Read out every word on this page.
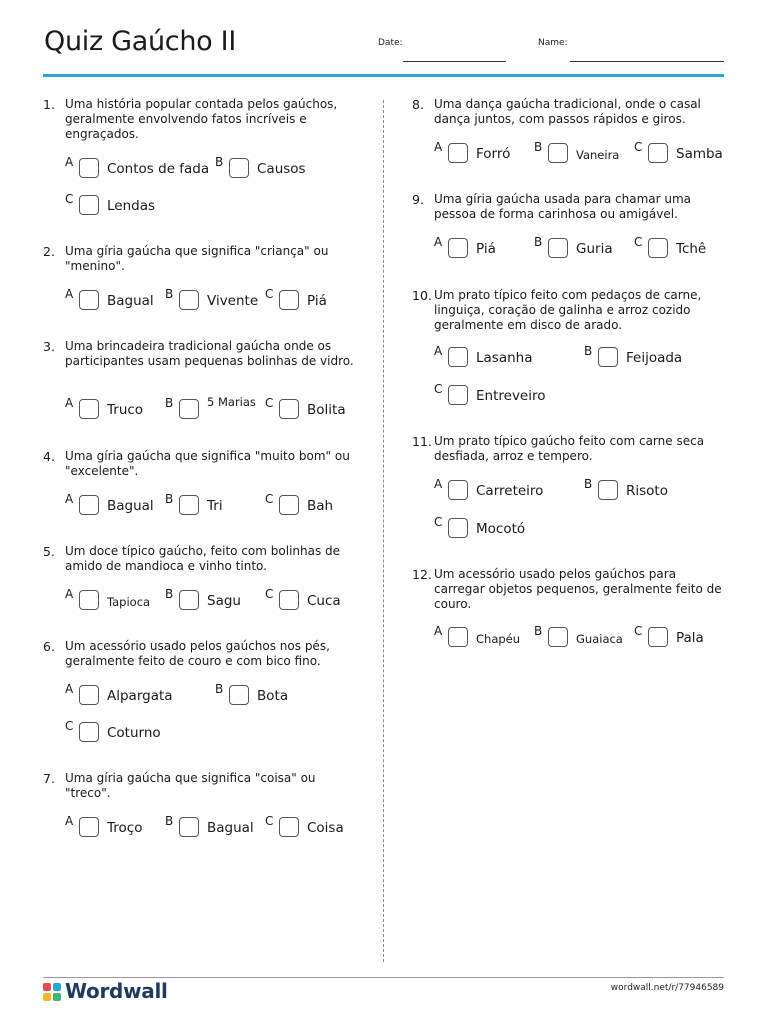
Quiz Gaúcho II	Date:	Name:
1. Uma história popular contada pelos gaúchos, geralmente envolvendo fatos incríveis e engraçados.
A	Contos de fada B	Causos
C Lendas
2. Uma gíria gaúcha que significa "criança" ou "menino".
A	Bagual B	Vivente C Piá
3. Uma brincadeira tradicional gaúcha onde os participantes usam pequenas bolinhas de vidro.
A	Truco B	5 Marias C Bolita
4. Uma gíria gaúcha que significa "muito bom" ou "excelente".
A	Bagual B	Tri	C Bah
5. Um doce típico gaúcho, feito com bolinhas de amido de mandioca e vinho tinto.
A
Tapioca
B	Sagu C Cuca
6. Um acessório usado pelos gaúchos nos pés, geralmente feito de couro e com bico fino.
A	Alpargata	B	Bota
C Coturno
7. Uma gíria gaúcha que significa "coisa" ou "treco".
A	Troço B	Bagual C Coisa
8. Uma dança gaúcha tradicional, onde o casal dança juntos, com passos rápidos e giros.
A	Forró B
Vaneira
C Samba
9. Uma gíria gaúcha usada para chamar uma pessoa de forma carinhosa ou amigável.
A	Piá	B	Guria C Tchê
10. Um prato típico feito com pedaços de carne, linguiça, coração de galinha e arroz cozido geralmente em disco de arado.
A	Lasanha	B	Feijoada
C Entreveiro
11. Um prato típico gaúcho feito com carne seca desfiada, arroz e tempero.
A	Carreteiro	B	Risoto
C Mocotó
12. Um acessório usado pelos gaúchos para carregar objetos pequenos, geralmente feito de couro.
A
Chapéu
B
Guaiaca
C Pala
Wordwall	wordwall.net/r/77946589
